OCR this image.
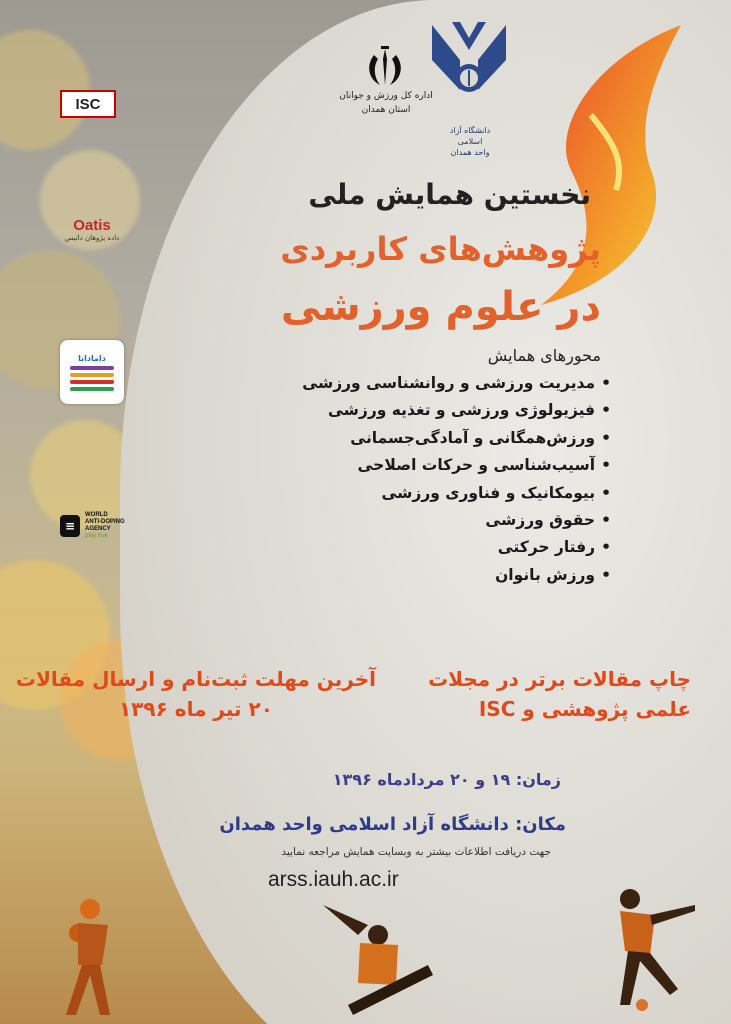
ISC
Oatis
داده پژوهان داتیس
دامادانا
≡
WORLD
ANTI-DOPING
AGENCY
play true
اداره کل ورزش و جوانان
استان همدان
دانشگاه آزاد اسلامی
واحد همدان
نخستین همایش ملی
پژوهش‌های کاربردی
در علوم ورزشی
محورهای همایش
• مدیریت ورزشی و روانشناسی ورزشی
• فیزیولوژی ورزشی و تغذیه ورزشی
• ورزش‌همگانی و آمادگی‌جسمانی
• آسیب‌شناسی و حرکات اصلاحی
• بیومکانیک و فناوری ورزشی
• حقوق ورزشی
• رفتار حرکتی
• ورزش بانوان
چاپ مقالات برتر در مجلات
علمی پژوهشی و ISC
آخرین مهلت ثبت‌نام و ارسال مقالات
۲۰ تیر ماه ۱۳۹۶
زمان: ۱۹ و ۲۰ مردادماه ۱۳۹۶
مکان: دانشگاه آزاد اسلامی واحد همدان
جهت دریافت اطلاعات بیشتر به وبسایت همایش مراجعه نمایید
arss.iauh.ac.ir
